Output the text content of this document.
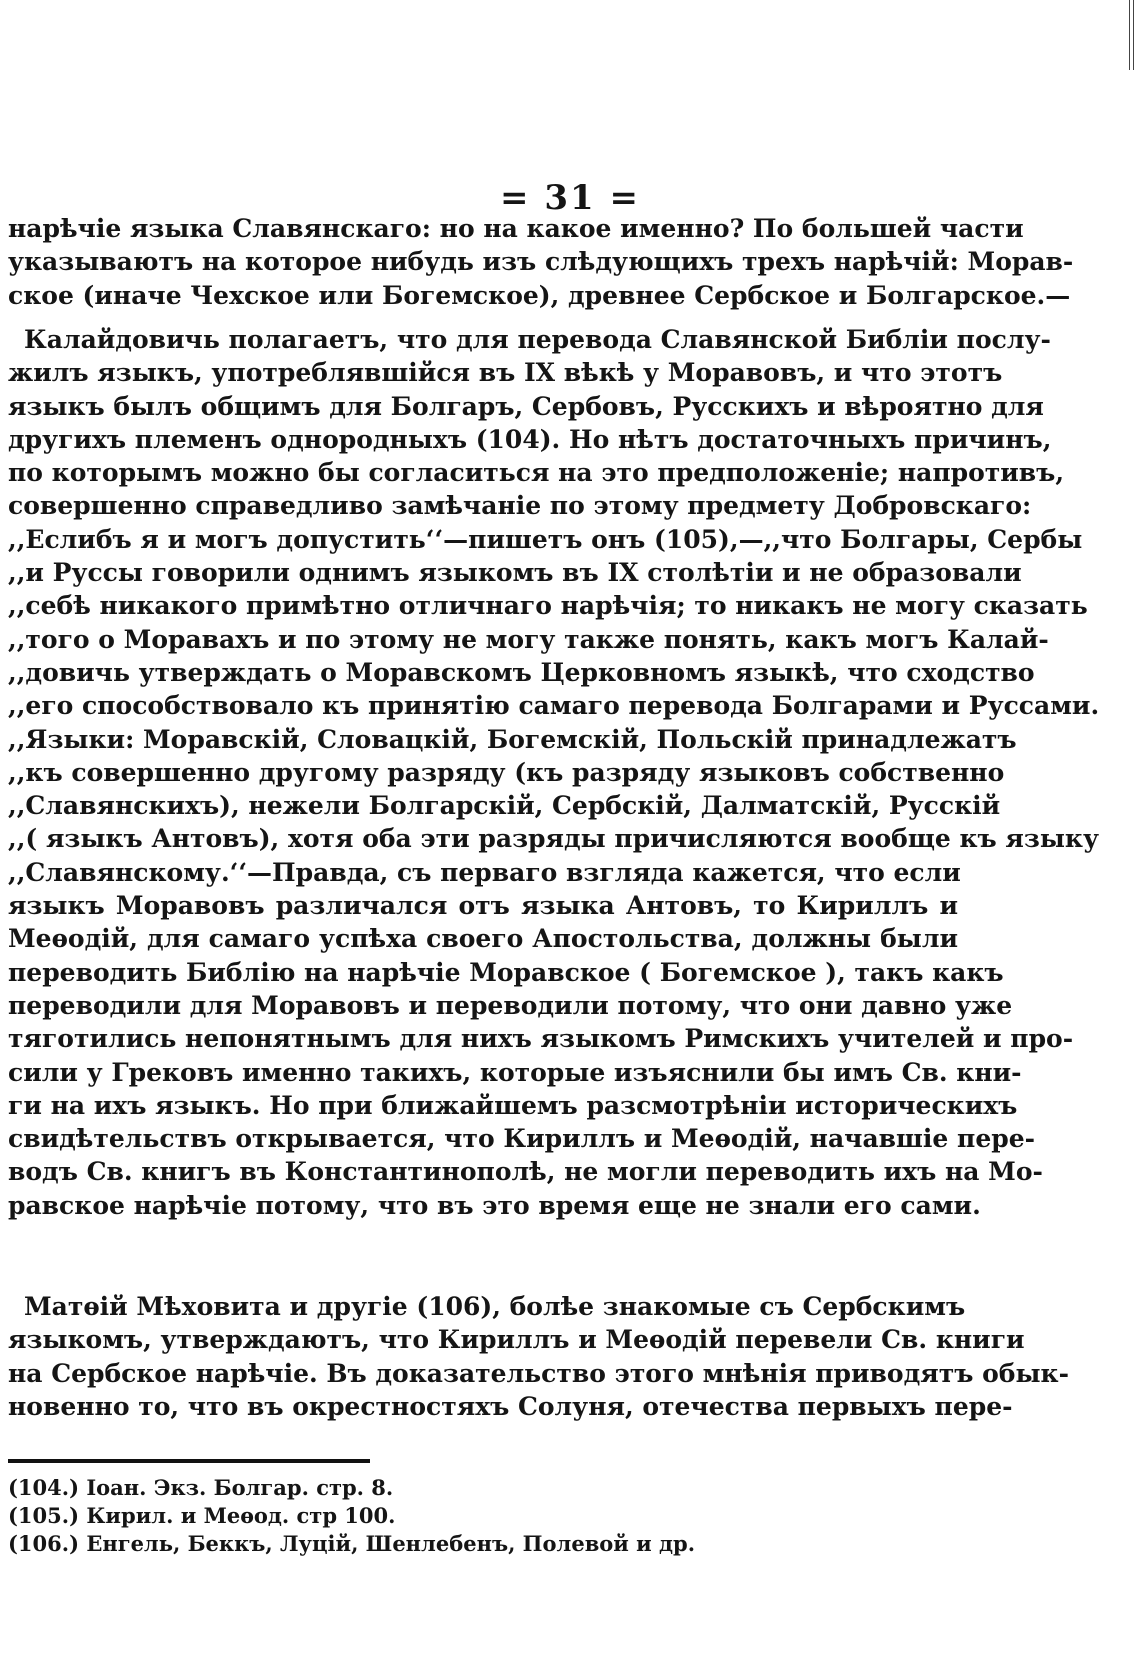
= 31 =
нарѣчіе языка Славянскаго: но на какое именно? По большей части
указываютъ на которое нибудь изъ слѣдующихъ трехъ нарѣчій: Морав-
ское (иначе Чехское или Богемское), древнее Сербское и Болгарское.—
Калайдовичь полагаетъ, что для перевода Славянской Библіи послу-
жилъ языкъ, употреблявшійся въ IX вѣкѣ у Моравовъ, и что этотъ
языкъ былъ общимъ для Болгаръ, Сербовъ, Русскихъ и вѣроятно для
другихъ племенъ однородныхъ (104). Но нѣтъ достаточныхъ причинъ,
по которымъ можно бы согласиться на это предположеніе; напротивъ,
совершенно справедливо замѣчаніе по этому предмету Добровскаго:
,,Еслибъ я и могъ допустить‘‘—пишетъ онъ (105),—,,что Болгары, Сербы
,,и Руссы говорили однимъ языкомъ въ IX столѣтіи и не образовали
,,себѣ никакого примѣтно отличнаго нарѣчія; то никакъ не могу сказать
,,того о Моравахъ и по этому не могу также понять, какъ могъ Калай-
,,довичь утверждать о Моравскомъ Церковномъ языкѣ, что сходство
,,его способствовало къ принятію самаго перевода Болгарами и Руссами.
,,Языки: Моравскій, Словацкій, Богемскій, Польскій принадлежатъ
,,къ совершенно другому разряду (къ разряду языковъ собственно
,,Славянскихъ), нежели Болгарскій, Сербскій, Далматскій, Русскій
,,( языкъ Антовъ), хотя оба эти разряды причисляются вообще къ языку
,,Славянскому.‘‘—Правда, съ перваго взгляда кажется, что если
языкъ Моравовъ различался отъ языка Антовъ, то Кириллъ и
Меѳодій, для самаго успѣха своего Апостольства, должны были
переводить Библію на нарѣчіе Моравское ( Богемское ), такъ какъ
переводили для Моравовъ и переводили потому, что они давно уже
тяготились непонятнымъ для нихъ языкомъ Римскихъ учителей и про-
сили у Грековъ именно такихъ, которые изъяснили бы имъ Св. кни-
ги на ихъ языкъ. Но при ближайшемъ разсмотрѣніи историческихъ
свидѣтельствъ открывается, что Кириллъ и Меѳодій, начавшіе пере-
водъ Св. книгъ въ Константинополѣ, не могли переводить ихъ на Мо-
равское нарѣчіе потому, что въ это время еще не знали его сами.
Матѳій Мѣховита и другіе (106), болѣе знакомые съ Сербскимъ
языкомъ, утверждаютъ, что Кириллъ и Меѳодій перевели Св. книги
на Сербское нарѣчіе. Въ доказательство этого мнѣнія приводятъ обык-
новенно то, что въ окрестностяхъ Солуня, отечества первыхъ пере-
(104.) Іоан. Экз. Болгар. стр. 8.
(105.) Кирил. и Меѳод. стр 100.
(106.) Енгель, Беккъ, Луцій, Шенлебенъ, Полевой и др.
